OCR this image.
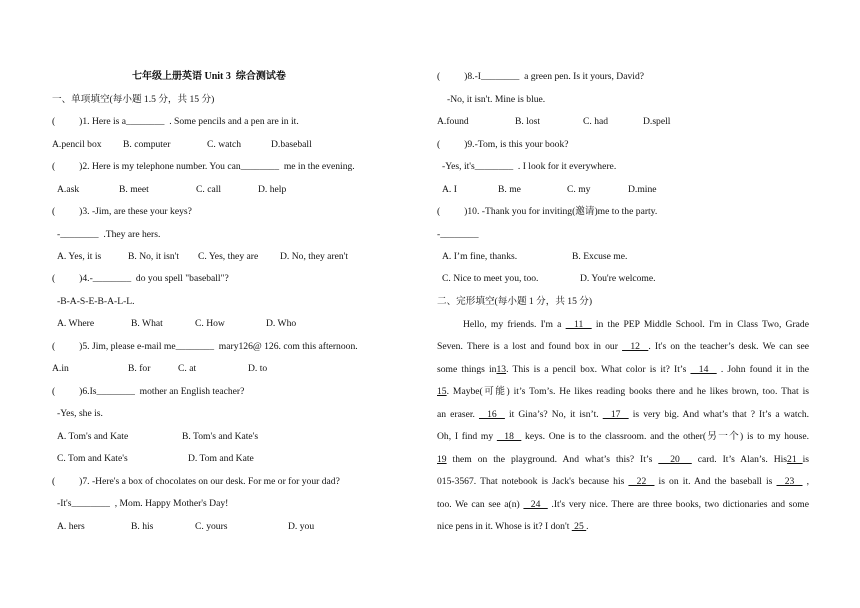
七年级上册英语 Unit 3  综合测试卷
一、单项填空(每小题 1.5 分，共 15 分)
(          )1. Here is a________  . Some pencils and a pen are in it.
A.pencil box B. computer	C. watch	D.baseball
(          )2. Here is my telephone number. You can________  me in the evening.
A.ask	B. meet	C. call	D. help
(          )3. -Jim, are these your keys?
-________  .They are hers.
A. Yes, it is	B. No, it isn't C. Yes, they are D. No, they aren't
(          )4.-________  do you spell "baseball"?
-B-A-S-E-B-A-L-L.
A. Where	B. What	C. How	D. Who
(          )5. Jim, please e-mail me________  mary126@ 126. com this afternoon.
A.in	B. for	C. at	D. to
(          )6.Is________  mother an English teacher?
-Yes, she is.
A. Tom's and Kate	B. Tom's and Kate's
C. Tom and Kate's	D. Tom and Kate
(          )7. -Here's a box of chocolates on our desk. For me or for your dad?
-It's________  , Mom. Happy Mother's Day!
A. hers	B. his	C. yours	D. you
(          )8.-I________  a green pen. Is it yours, David?
-No, it isn't. Mine is blue.
A.found	B. lost	C. had	D.spell
(          )9.-Tom, is this your book?
-Yes, it's________  . I look for it everywhere.
A. I	B. me	C. my	D.mine
(          )10. -Thank you for inviting(邀请)me to the party.
-________
A. I’m fine, thanks.	B. Excuse me.
C. Nice to meet you, too.	D. You're welcome.
二、完形填空(每小题 1 分，共 15 分)
Hello, my friends. I'm a   11   in the PEP Middle School. I'm in Class Two, Grade
Seven. There is a lost and found box in our   12  . It's on the teacher’s desk. We can see
some things in13. This is a pencil box. What color is it? It’s   14   . John found it in the
15. Maybe(可能) it’s Tom’s. He likes reading books there and he likes brown, too. That is
an eraser.   16   it Gina’s? No, it isn’t.   17   is very big. And what’s that ? It’s a watch.
Oh, I find my   18   keys. One is to the classroom. and the other(另一个) is to my house.
19 them on the playground. And what’s this? It’s   20   card. It’s Alan’s. His21 is
015-3567. That notebook is Jack's because his   22   is on it. And the baseball is   23   ,
too. We can see a(n)   24   .It's very nice. There are three books, two dictionaries and some
nice pens in it. Whose is it? I don't  25 .
